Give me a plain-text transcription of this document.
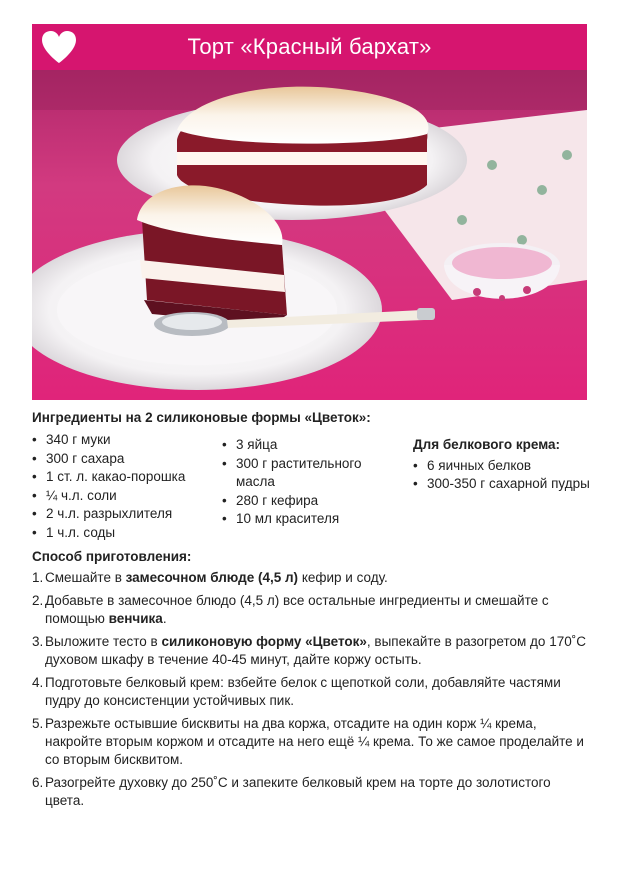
Торт «Красный бархат»
Ингредиенты на 2 силиконовые формы «Цветок»:
• 340 г муки
• 300 г сахара
• 1 ст. л. какао-порошка
• ¼ ч.л. соли
• 2 ч.л. разрыхлителя
• 1 ч.л. соды
• 3 яйца
• 300 г растительного масла
• 280 г кефира
• 10 мл красителя
Для белкового крема:
• 6 яичных белков
• 300-350 г сахарной пудры
Способ приготовления:
1. Смешайте в замесочном блюде (4,5 л) кефир и соду.
2. Добавьте в замесочное блюдо (4,5 л) все остальные ингредиенты и смешайте с помощью венчика.
3. Выложите тесто в силиконовую форму «Цветок», выпекайте в разогретом до 170˚С духовом шкафу в течение 40-45 минут, дайте коржу остыть.
4. Подготовьте белковый крем: взбейте белок с щепоткой соли, добавляйте частями пудру до консистенции устойчивых пик.
5. Разрежьте остывшие бисквиты на два коржа, отсадите на один корж ¼ крема, накройте вторым коржом и отсадите на него ещё ¼ крема. То же самое проделайте и со вторым бисквитом.
6. Разогрейте духовку до 250˚С и запеките белковый крем на торте до золотистого цвета.
